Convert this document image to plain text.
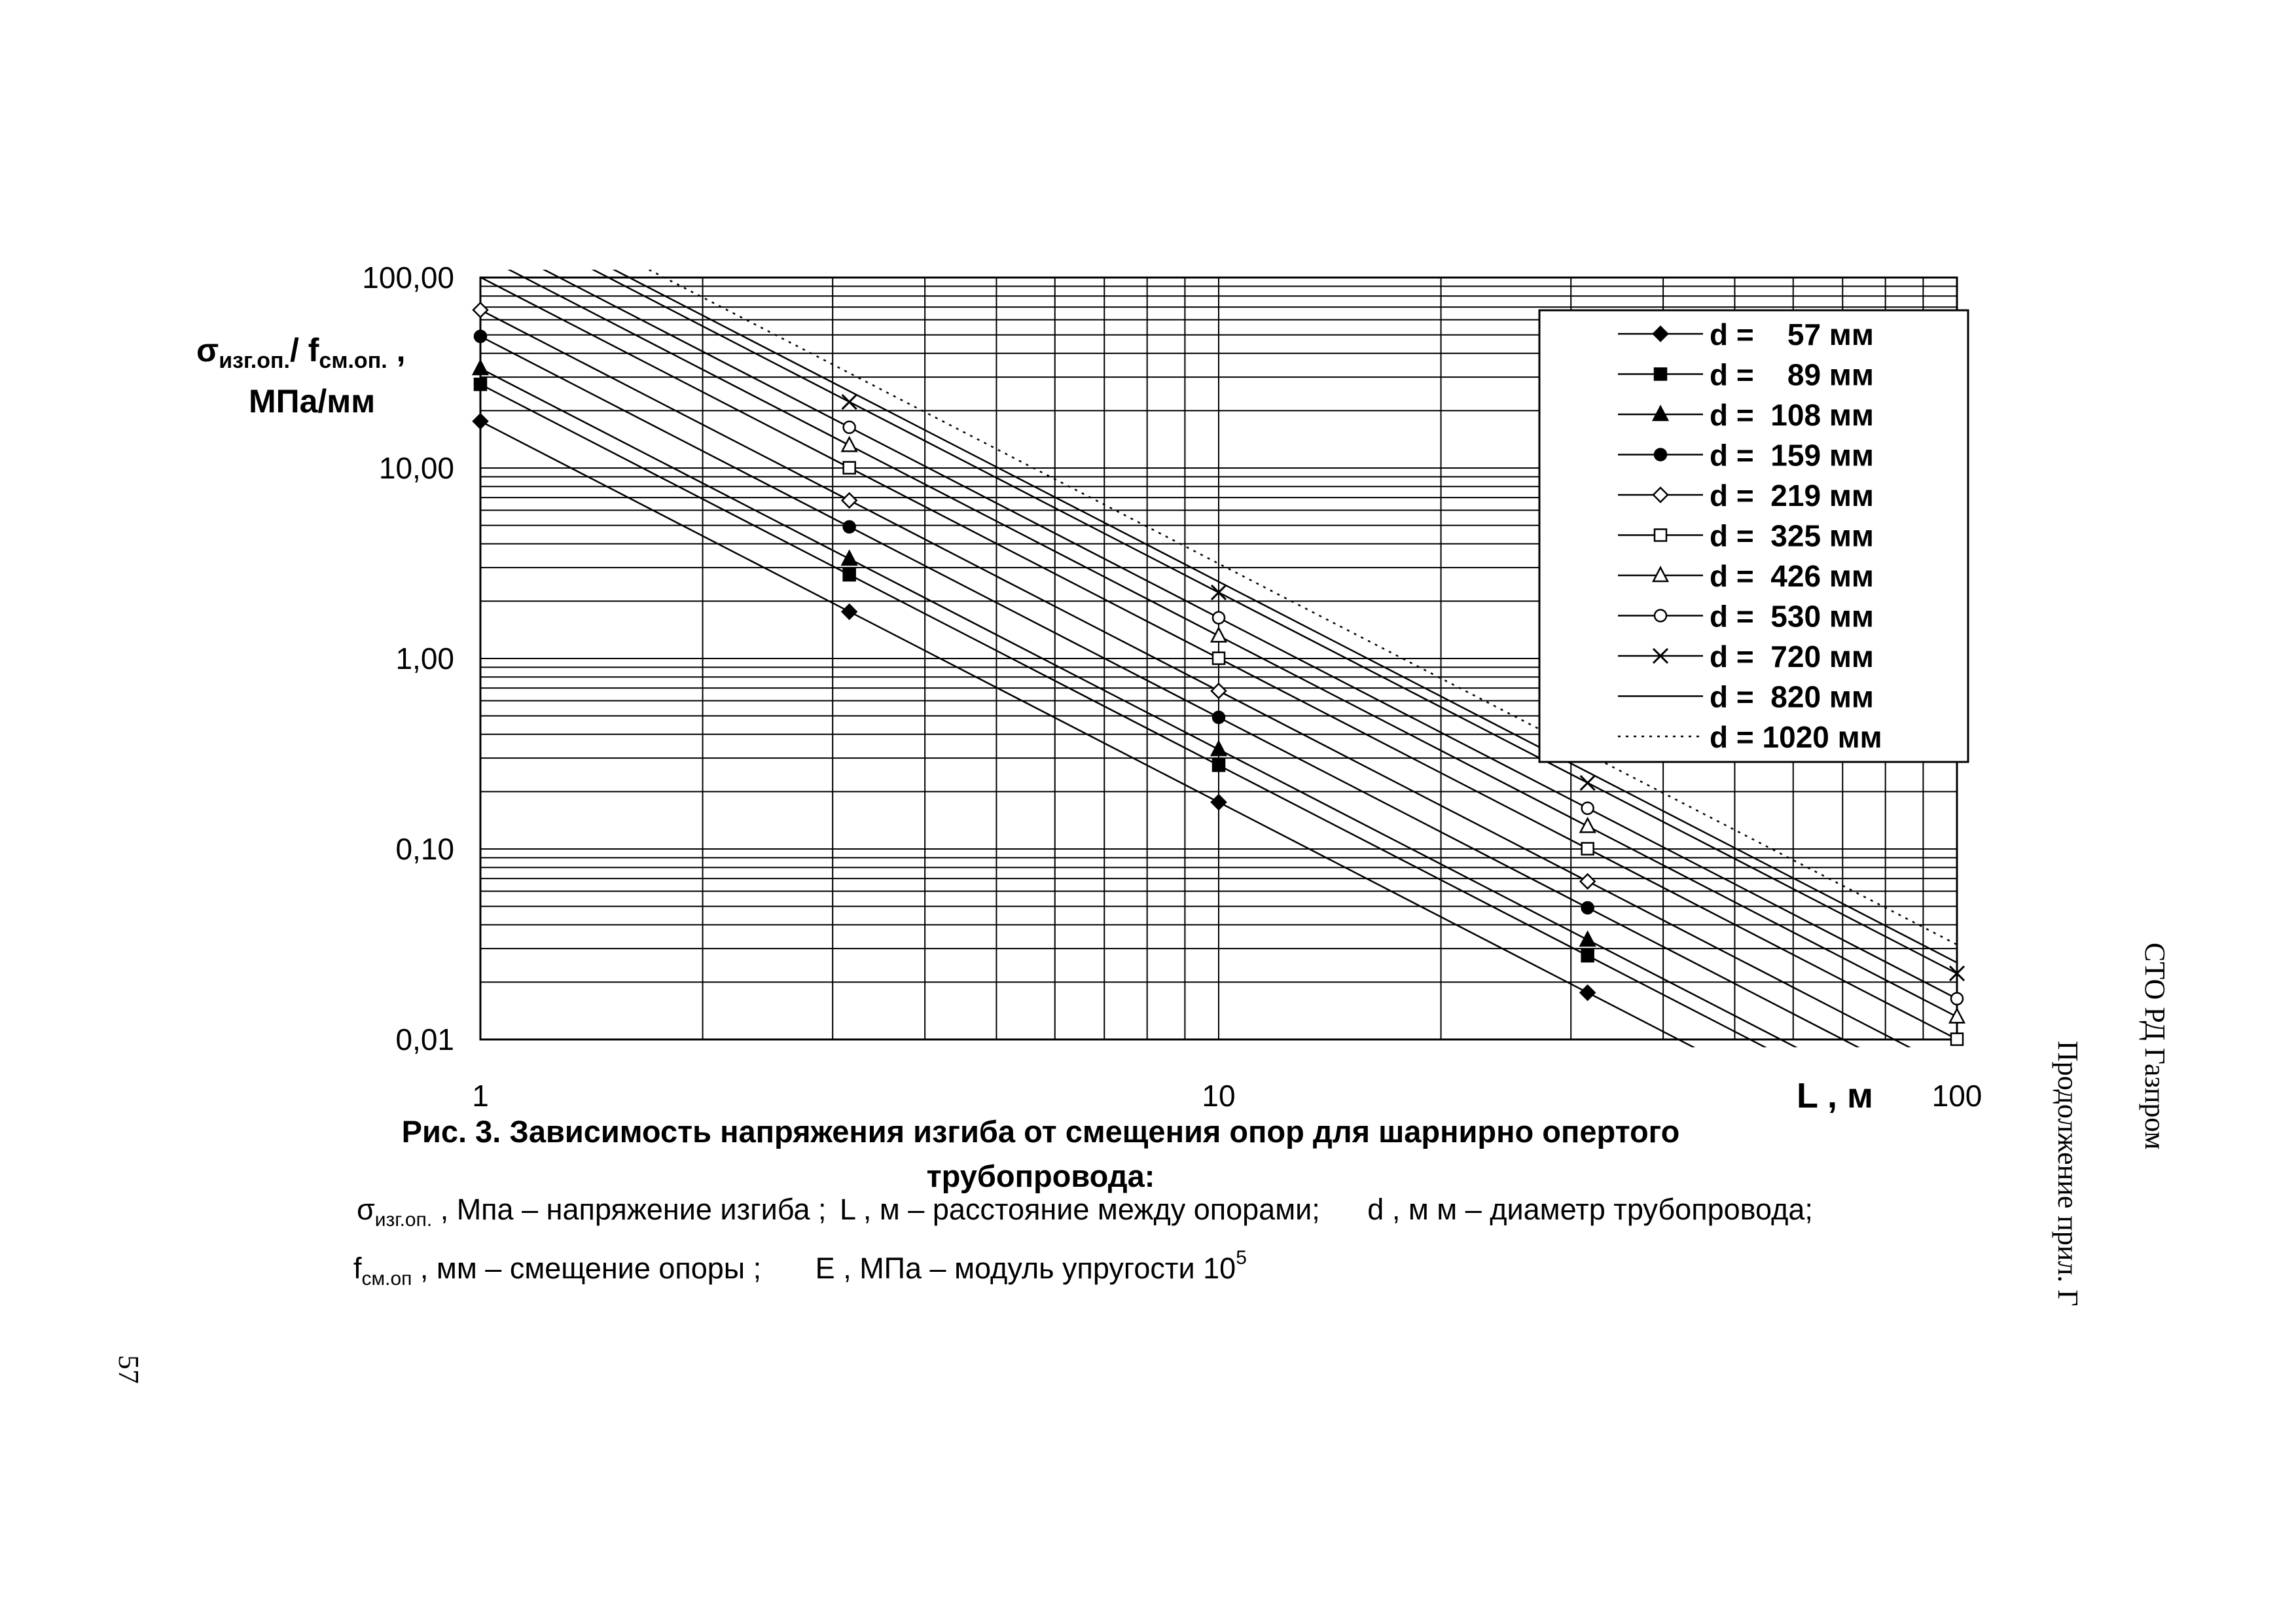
d =    57 мм
d =    89 мм
d =  108 мм
d =  159 мм
d =  219 мм
d =  325 мм
d =  426 мм
d =  530 мм
d =  720 мм
d =  820 мм
d = 1020 мм
$\sigma_{изг.оп.}/$ $f_{см.оп.}$ ,
МПа/мм
L , м
100,00
10,00
1,00
0,10
0,01
1	10	100
Рис. 3. Зависимость напряжения изгиба от смещения опор для шарнирно опертого трубопровода:
$\sigma_{изг.оп.}$ , Мпа – напряжение изгиба ; L , м – расстояние между опорами; d , м м – диаметр трубопровода;
$f_{см.оп}$ , мм – смещение опоры ; Е , МПа – модуль упругости $10^5$
57
СТО РД Газпром
Продолжение прил. Г
